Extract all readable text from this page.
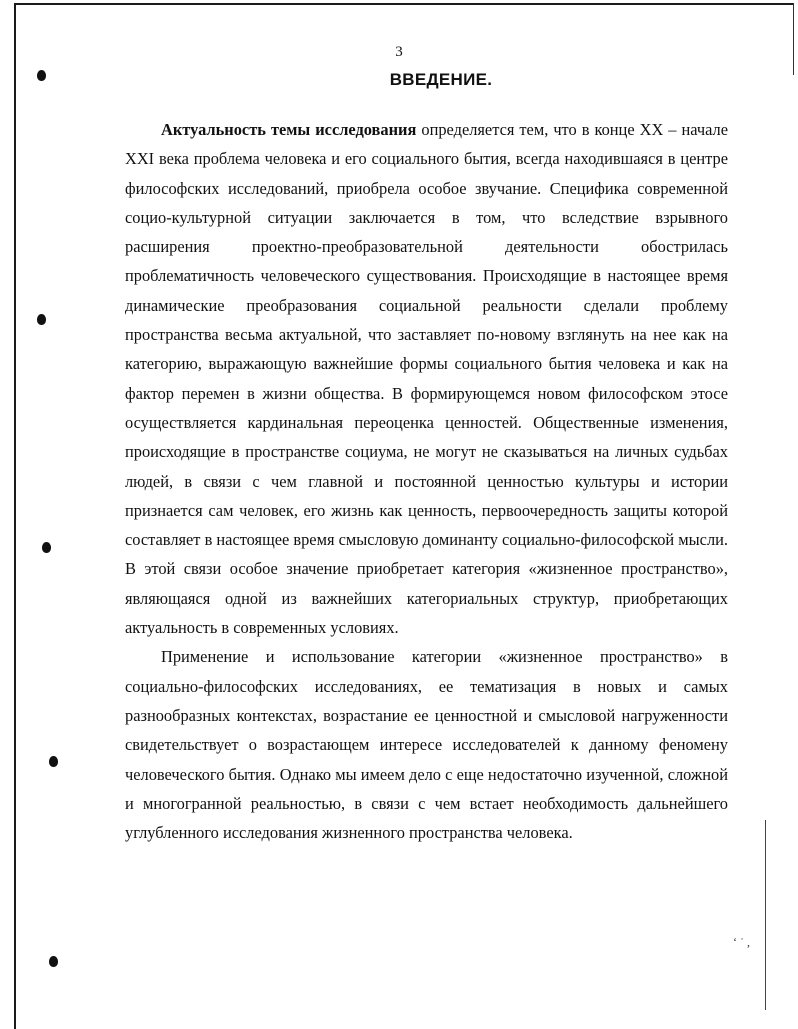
‘ ˙ ,
3
ВВЕДЕНИЕ.

Актуальность темы исследования определяется тем, что в конце XX – начале XXI века проблема человека и его социального бытия, всегда находившаяся в центре философских исследований, приобрела особое звучание. Специфика современной социо-культурной ситуации заключается в том, что вследствие взрывного расширения проектно-преобразовательной деятельности обострилась проблематичность человеческого существования. Происходящие в настоящее время динамические преобразования социальной реальности сделали проблему пространства весьма актуальной, что заставляет по-новому взглянуть на нее как на категорию, выражающую важнейшие формы социального бытия человека и как на фактор перемен в жизни общества. В формирующемся новом философском этосе осуществляется кардинальная переоценка ценностей. Общественные изменения, происходящие в пространстве социума, не могут не сказываться на личных судьбах людей, в связи с чем главной и постоянной ценностью культуры и истории признается сам человек, его жизнь как ценность, первоочередность защиты которой составляет в настоящее время смысловую доминанту социально-философской мысли. В этой связи особое значение приобретает категория «жизненное пространство», являющаяся одной из важнейших категориальных структур, приобретающих актуальность в современных условиях.

Применение и использование категории «жизненное пространство» в социально-философских исследованиях, ее тематизация в новых и самых разнообразных контекстах, возрастание ее ценностной и смысловой нагруженности свидетельствует о возрастающем интересе исследователей к данному феномену человеческого бытия. Однако мы имеем дело с еще недостаточно изученной, сложной и многогранной реальностью, в связи с чем встает необходимость дальнейшего углубленного исследования жизненного пространства человека.
